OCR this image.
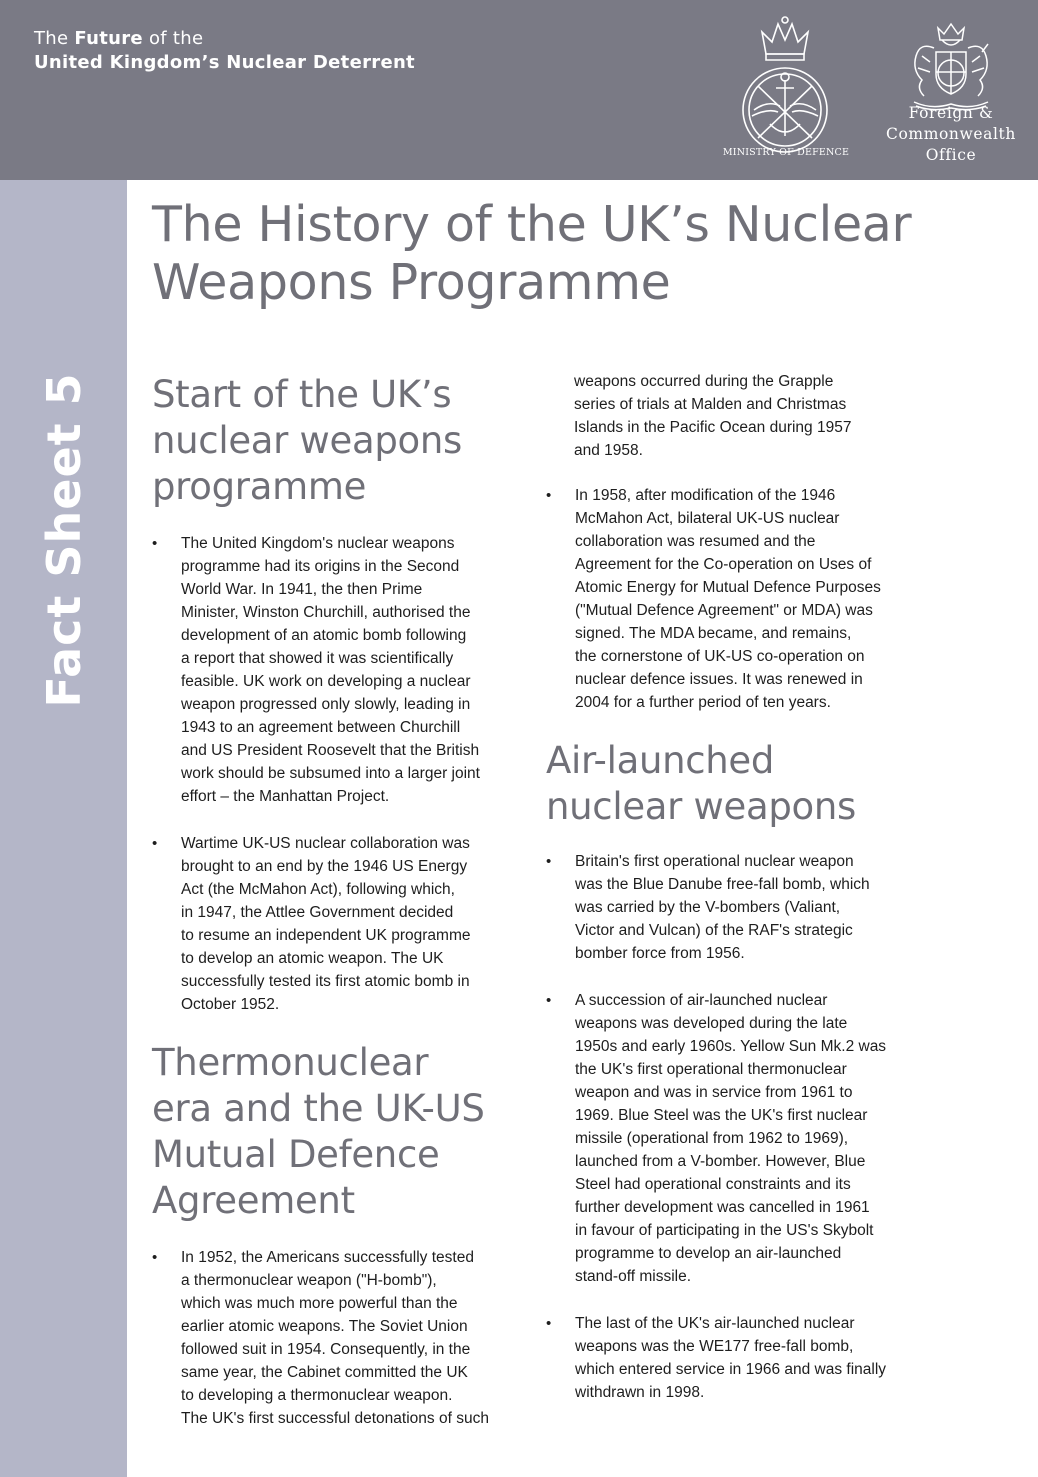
The Future of the
United Kingdom’s Nuclear Deterrent
MINISTRY OF DEFENCE
Foreign &
Commonwealth
Office
Fact Sheet 5
The History of the UK’s Nuclear
Weapons Programme
Start of the UK’s
nuclear weapons
programme
• The United Kingdom's nuclear weapons
programme had its origins in the Second
World War. In 1941, the then Prime
Minister, Winston Churchill, authorised the
development of an atomic bomb following
a report that showed it was scientifically
feasible. UK work on developing a nuclear
weapon progressed only slowly, leading in
1943 to an agreement between Churchill
and US President Roosevelt that the British
work should be subsumed into a larger joint
effort – the Manhattan Project.
• Wartime UK-US nuclear collaboration was
brought to an end by the 1946 US Energy
Act (the McMahon Act), following which,
in 1947, the Attlee Government decided
to resume an independent UK programme
to develop an atomic weapon. The UK
successfully tested its first atomic bomb in
October 1952.
Thermonuclear
era and the UK-US
Mutual Defence
Agreement
• In 1952, the Americans successfully tested
a thermonuclear weapon ("H-bomb"),
which was much more powerful than the
earlier atomic weapons. The Soviet Union
followed suit in 1954. Consequently, in the
same year, the Cabinet committed the UK
to developing a thermonuclear weapon.
The UK's first successful detonations of such

weapons occurred during the Grapple
series of trials at Malden and Christmas
Islands in the Pacific Ocean during 1957
and 1958.

• In 1958, after modification of the 1946
McMahon Act, bilateral UK-US nuclear
collaboration was resumed and the
Agreement for the Co-operation on Uses of
Atomic Energy for Mutual Defence Purposes
("Mutual Defence Agreement" or MDA) was
signed. The MDA became, and remains,
the cornerstone of UK-US co-operation on
nuclear defence issues. It was renewed in
2004 for a further period of ten years.
Air-launched
nuclear weapons
• Britain's first operational nuclear weapon
was the Blue Danube free-fall bomb, which
was carried by the V-bombers (Valiant,
Victor and Vulcan) of the RAF's strategic
bomber force from 1956.
• A succession of air-launched nuclear
weapons was developed during the late
1950s and early 1960s. Yellow Sun Mk.2 was
the UK's first operational thermonuclear
weapon and was in service from 1961 to
1969. Blue Steel was the UK's first nuclear
missile (operational from 1962 to 1969),
launched from a V-bomber. However, Blue
Steel had operational constraints and its
further development was cancelled in 1961
in favour of participating in the US's Skybolt
programme to develop an air-launched
stand-off missile.
• The last of the UK's air-launched nuclear
weapons was the WE177 free-fall bomb,
which entered service in 1966 and was finally
withdrawn in 1998.
